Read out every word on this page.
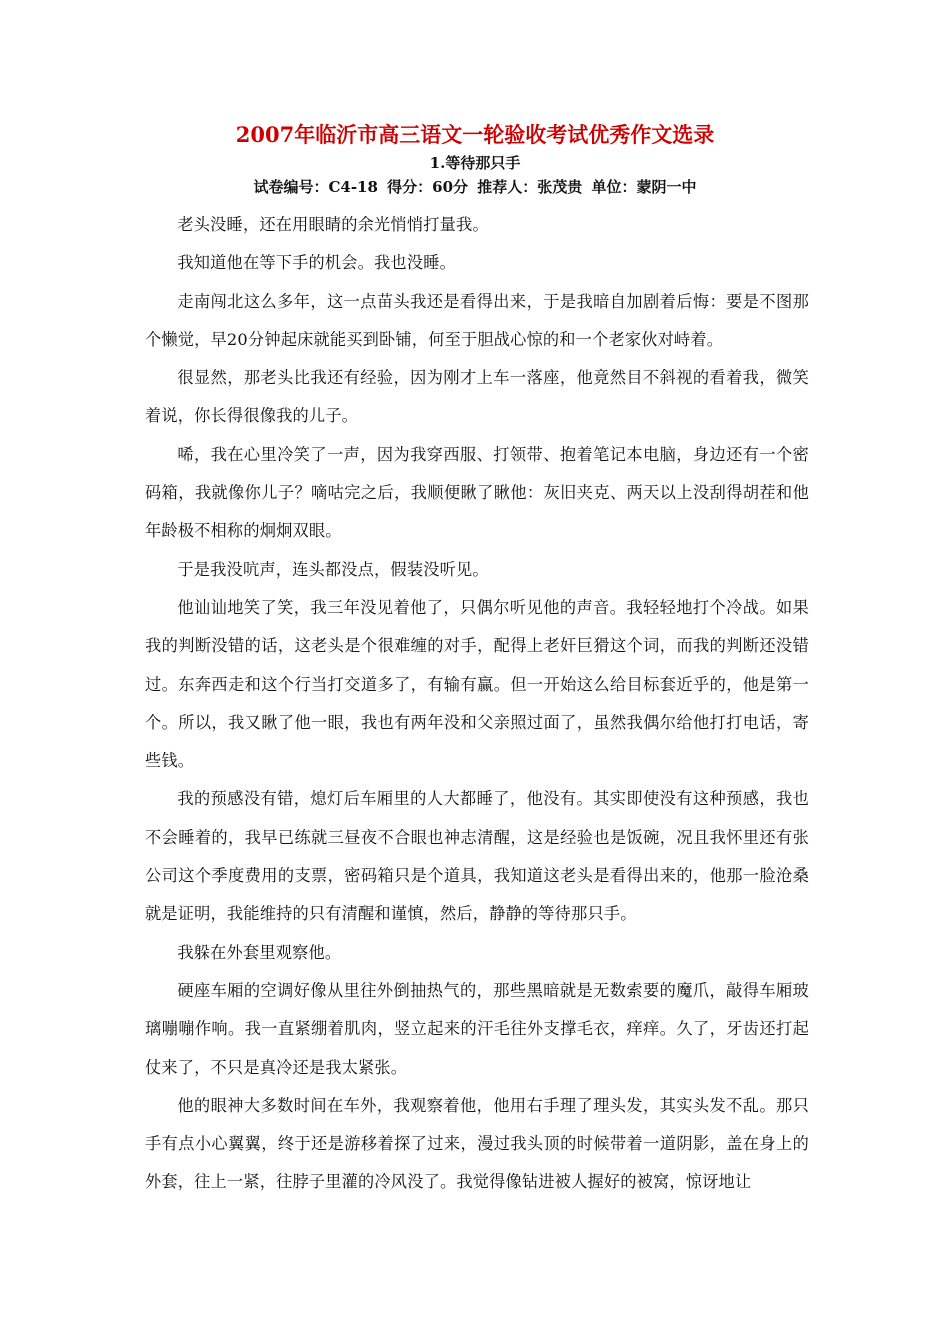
2007年临沂市高三语文一轮验收考试优秀作文选录
1.等待那只手
试卷编号：C4-18 得分：60分 推荐人：张茂贵 单位：蒙阴一中

老头没睡，还在用眼睛的余光悄悄打量我。

我知道他在等下手的机会。我也没睡。

走南闯北这么多年，这一点苗头我还是看得出来，于是我暗自加剧着后悔：要是不图那个懒觉，早20分钟起床就能买到卧铺，何至于胆战心惊的和一个老家伙对峙着。

很显然，那老头比我还有经验，因为刚才上车一落座，他竟然目不斜视的看着我，微笑着说，你长得很像我的儿子。

唏，我在心里冷笑了一声，因为我穿西服、打领带、抱着笔记本电脑，身边还有一个密码箱，我就像你儿子？嘀咕完之后，我顺便瞅了瞅他：灰旧夹克、两天以上没刮得胡茬和他年龄极不相称的炯炯双眼。

于是我没吭声，连头都没点，假装没听见。

他讪讪地笑了笑，我三年没见着他了，只偶尔听见他的声音。我轻轻地打个冷战。如果我的判断没错的话，这老头是个很难缠的对手，配得上老奸巨猾这个词，而我的判断还没错过。东奔西走和这个行当打交道多了，有输有赢。但一开始这么给目标套近乎的，他是第一个。所以，我又瞅了他一眼，我也有两年没和父亲照过面了，虽然我偶尔给他打打电话，寄些钱。

我的预感没有错，熄灯后车厢里的人大都睡了，他没有。其实即使没有这种预感，我也不会睡着的，我早已练就三昼夜不合眼也神志清醒，这是经验也是饭碗，况且我怀里还有张公司这个季度费用的支票，密码箱只是个道具，我知道这老头是看得出来的，他那一脸沧桑就是证明，我能维持的只有清醒和谨慎，然后，静静的等待那只手。

我躲在外套里观察他。

硬座车厢的空调好像从里往外倒抽热气的，那些黑暗就是无数索要的魔爪，敲得车厢玻璃嘣嘣作响。我一直紧绷着肌肉，竖立起来的汗毛往外支撑毛衣，痒痒。久了，牙齿还打起仗来了，不只是真冷还是我太紧张。

他的眼神大多数时间在车外，我观察着他，他用右手理了理头发，其实头发不乱。那只手有点小心翼翼，终于还是游移着探了过来，漫过我头顶的时候带着一道阴影，盖在身上的外套，往上一紧，往脖子里灌的冷风没了。我觉得像钻进被人握好的被窝，惊讶地让
